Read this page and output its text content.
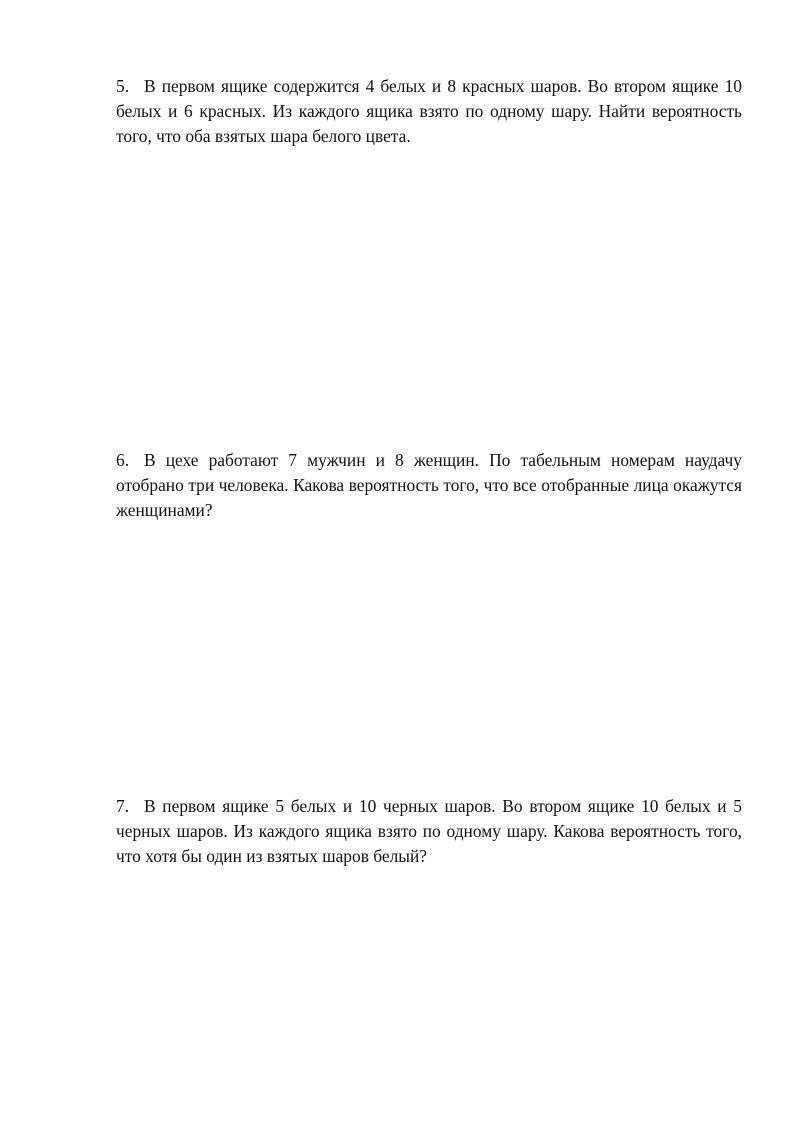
5. В первом ящике содержится 4 белых и 8 красных шаров. Во втором ящике 10 белых и 6 красных. Из каждого ящика взято по одному шару. Найти вероятность того, что оба взятых шара белого цвета.

6. В цехе работают 7 мужчин и 8 женщин. По табельным номерам наудачу отобрано три человека. Какова вероятность того, что все отобранные лица окажутся женщинами?

7. В первом ящике 5 белых и 10 черных шаров. Во втором ящике 10 белых и 5 черных шаров. Из каждого ящика взято по одному шару. Какова вероятность того, что хотя бы один из взятых шаров белый?
